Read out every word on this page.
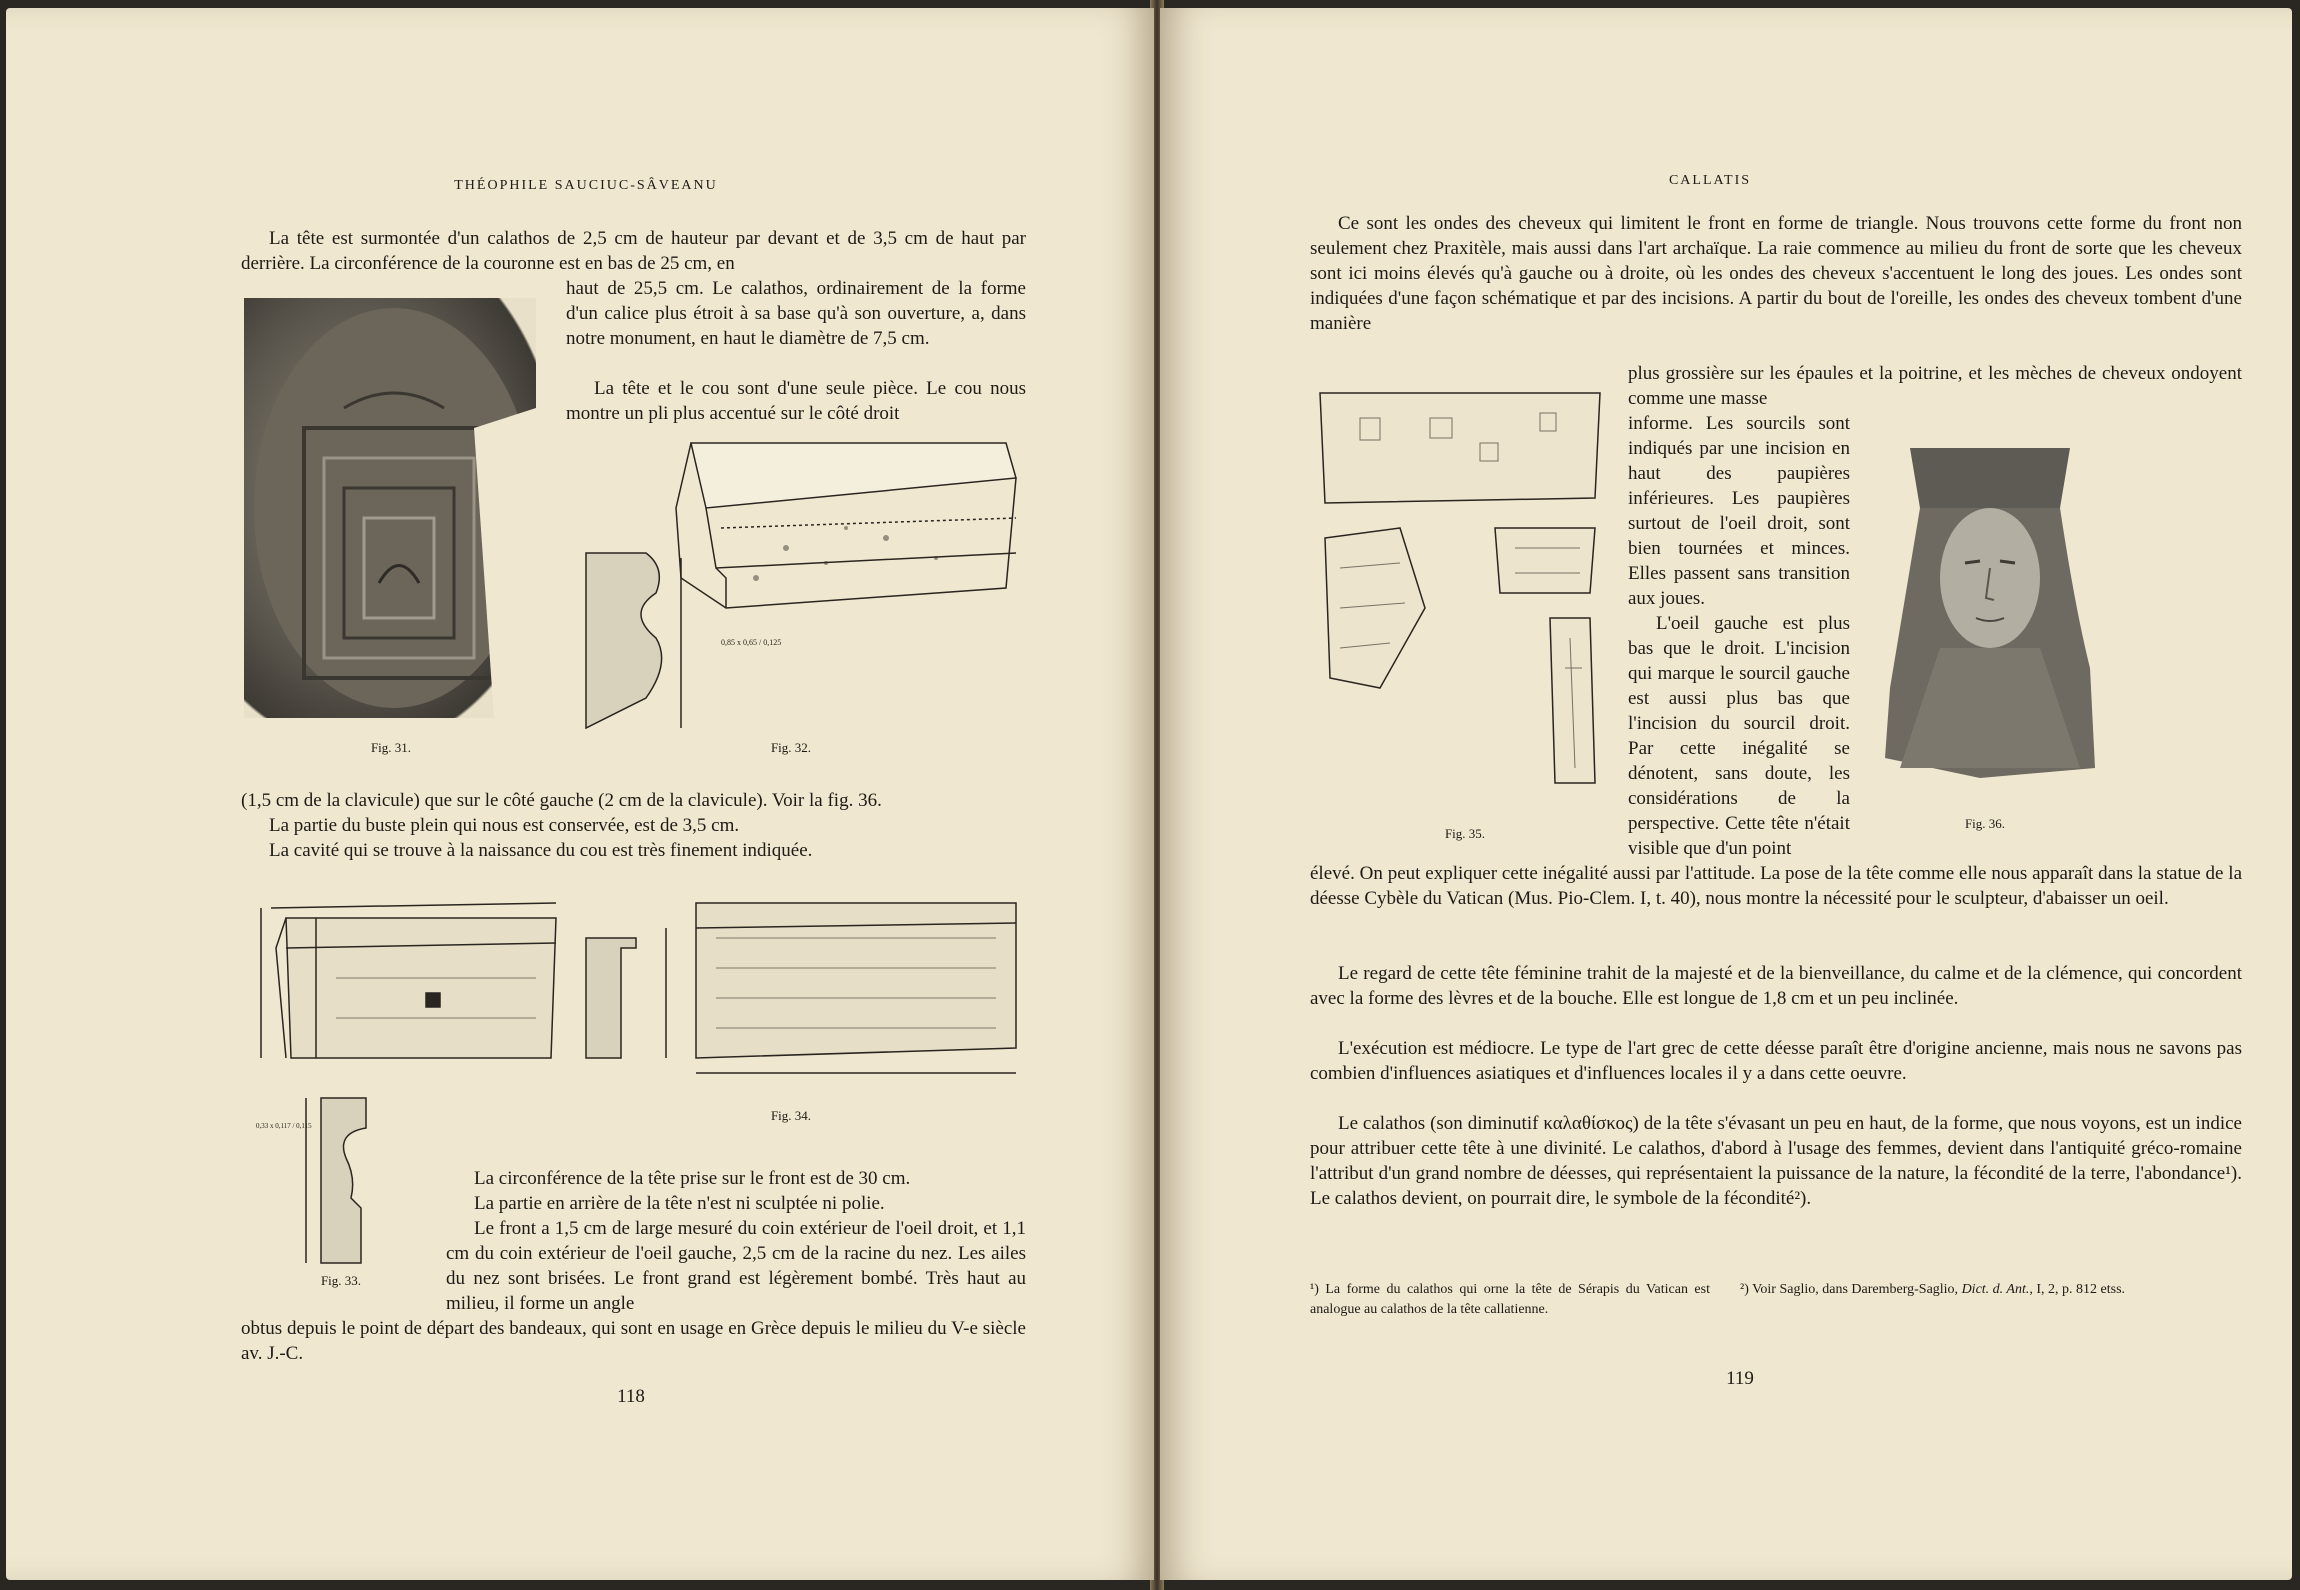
THÉOPHILE SAUCIUC-SÂVEANU

La tête est surmontée d'un calathos de 2,5 cm de hauteur par devant et de 3,5 cm de haut par derrière. La circonférence de la couronne est en bas de 25 cm, en

haut de 25,5 cm. Le calathos, ordinairement de la forme d'un calice plus étroit à sa base qu'à son ouverture, a, dans notre monument, en haut le diamètre de 7,5 cm.

La tête et le cou sont d'une seule pièce. Le cou nous montre un pli plus accentué sur le côté droit

Fig. 31.
0,85 x 0,65 / 0,125
Fig. 32.

(1,5 cm de la clavicule) que sur le côté gauche (2 cm de la clavicule). Voir la fig. 36.

La partie du buste plein qui nous est conservée, est de 3,5 cm.

La cavité qui se trouve à la naissance du cou est très finement indiquée.

Fig. 34.
0,33 x 0,117 / 0,115
Fig. 33.

La circonférence de la tête prise sur le front est de 30 cm.

La partie en arrière de la tête n'est ni sculptée ni polie.

Le front a 1,5 cm de large mesuré du coin extérieur de l'oeil droit, et 1,1 cm du coin extérieur de l'oeil gauche, 2,5 cm de la racine du nez. Les ailes du nez sont brisées. Le front grand est légèrement bombé. Très haut au milieu, il forme un angle

obtus depuis le point de départ des bandeaux, qui sont en usage en Grèce depuis le milieu du V-e siècle av. J.-C.

118
CALLATIS

Ce sont les ondes des cheveux qui limitent le front en forme de triangle. Nous trouvons cette forme du front non seulement chez Praxitèle, mais aussi dans l'art archaïque. La raie commence au milieu du front de sorte que les cheveux sont ici moins élevés qu'à gauche ou à droite, où les ondes des cheveux s'accentuent le long des joues. Les ondes sont indiquées d'une façon schématique et par des incisions. A partir du bout de l'oreille, les ondes des cheveux tombent d'une manière

plus grossière sur les épaules et la poitrine, et les mèches de cheveux ondoyent comme une masse

informe. Les sourcils sont indiqués par une incision en haut des paupières inférieures. Les paupières surtout de l'oeil droit, sont bien tournées et minces. Elles passent sans transition aux joues.

L'oeil gauche est plus bas que le droit. L'incision qui marque le sourcil gauche est aussi plus bas que l'incision du sourcil droit. Par cette inégalité se dénotent, sans doute, les considérations de la perspective. Cette tête n'était visible que d'un point

Fig. 35.
Fig. 36.

élevé. On peut expliquer cette inégalité aussi par l'attitude. La pose de la tête comme elle nous apparaît dans la statue de la déesse Cybèle du Vatican (Mus. Pio-Clem. I, t. 40), nous montre la nécessité pour le sculpteur, d'abaisser un oeil.

Le regard de cette tête féminine trahit de la majesté et de la bienveillance, du calme et de la clémence, qui concordent avec la forme des lèvres et de la bouche. Elle est longue de 1,8 cm et un peu inclinée.

L'exécution est médiocre. Le type de l'art grec de cette déesse paraît être d'origine ancienne, mais nous ne savons pas combien d'influences asiatiques et d'influences locales il y a dans cette oeuvre.

Le calathos (son diminutif καλαθίσκος) de la tête s'évasant un peu en haut, de la forme, que nous voyons, est un indice pour attribuer cette tête à une divinité. Le calathos, d'abord à l'usage des femmes, devient dans l'antiquité gréco-romaine l'attribut d'un grand nombre de déesses, qui représentaient la puissance de la nature, la fécondité de la terre, l'abondance¹). Le calathos devient, on pourrait dire, le symbole de la fécondité²).

¹) La forme du calathos qui orne la tête de Sérapis du Vatican est analogue au calathos de la tête callatienne.
²) Voir Saglio, dans Daremberg-Saglio, Dict. d. Ant., I, 2, p. 812 etss.
119
